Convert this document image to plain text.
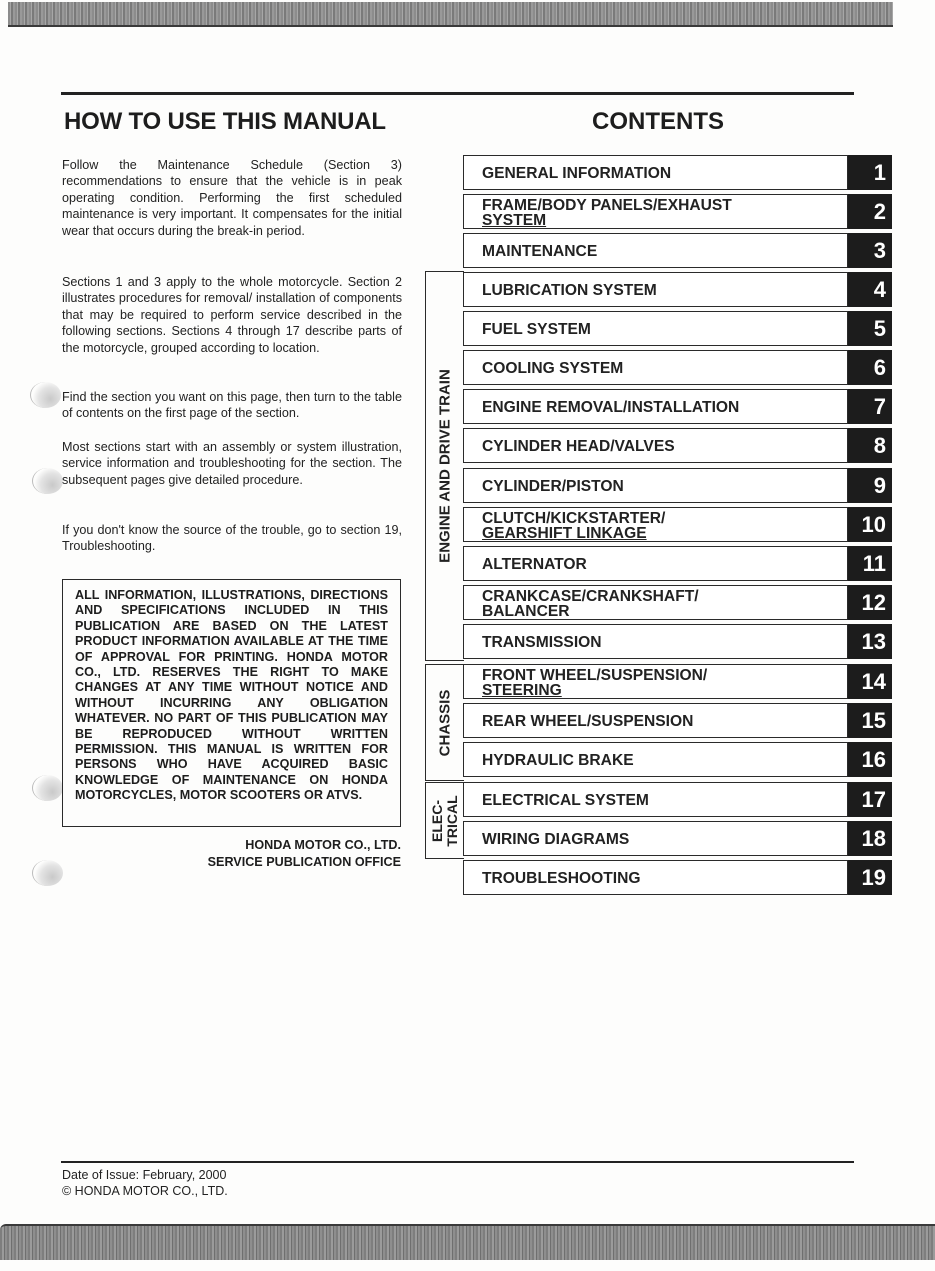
HOW TO USE THIS MANUAL	CONTENTS

Follow the Maintenance Schedule (Section 3) recommendations to ensure that the vehicle is in peak operating condition. Performing the first scheduled maintenance is very important. It compensates for the initial wear that occurs during the break-in period.

Sections 1 and 3 apply to the whole motorcycle. Section 2 illustrates procedures for removal/ installation of components that may be required to perform service described in the following sections. Sections 4 through 17 describe parts of the motorcycle, grouped according to location.

Find the section you want on this page, then turn to the table of contents on the first page of the section.

Most sections start with an assembly or system illustration, service information and troubleshooting for the section. The subsequent pages give detailed procedure.

If you don't know the source of the trouble, go to section 19, Troubleshooting.

ALL INFORMATION, ILLUSTRATIONS, DIRECTIONS AND SPECIFICATIONS INCLUDED IN THIS PUBLICATION ARE BASED ON THE LATEST PRODUCT INFORMATION AVAILABLE AT THE TIME OF APPROVAL FOR PRINTING. HONDA MOTOR CO., LTD. RESERVES THE RIGHT TO MAKE CHANGES AT ANY TIME WITHOUT NOTICE AND WITHOUT INCURRING ANY OBLIGATION WHATEVER. NO PART OF THIS PUBLICATION MAY BE REPRODUCED WITHOUT WRITTEN PERMISSION. THIS MANUAL IS WRITTEN FOR PERSONS WHO HAVE ACQUIRED BASIC KNOWLEDGE OF MAINTENANCE ON HONDA MOTORCYCLES, MOTOR SCOOTERS OR ATVS.
HONDA MOTOR CO., LTD.
SERVICE PUBLICATION OFFICE
ENGINE AND DRIVE TRAIN
CHASSIS
ELEC- TRICAL
GENERAL INFORMATION	1
FRAME/BODY PANELS/EXHAUST
SYSTEM	2
MAINTENANCE	3
LUBRICATION SYSTEM	4
FUEL SYSTEM	5
COOLING SYSTEM	6
ENGINE REMOVAL/INSTALLATION	7
CYLINDER HEAD/VALVES	8
CYLINDER/PISTON	9
CLUTCH/KICKSTARTER/
GEARSHIFT LINKAGE	10
ALTERNATOR	11
CRANKCASE/CRANKSHAFT/
BALANCER	12
TRANSMISSION	13
FRONT WHEEL/SUSPENSION/
STEERING	14
REAR WHEEL/SUSPENSION	15
HYDRAULIC BRAKE	16
ELECTRICAL SYSTEM	17
WIRING DIAGRAMS	18
TROUBLESHOOTING	19
Date of Issue: February, 2000
© HONDA MOTOR CO., LTD.
